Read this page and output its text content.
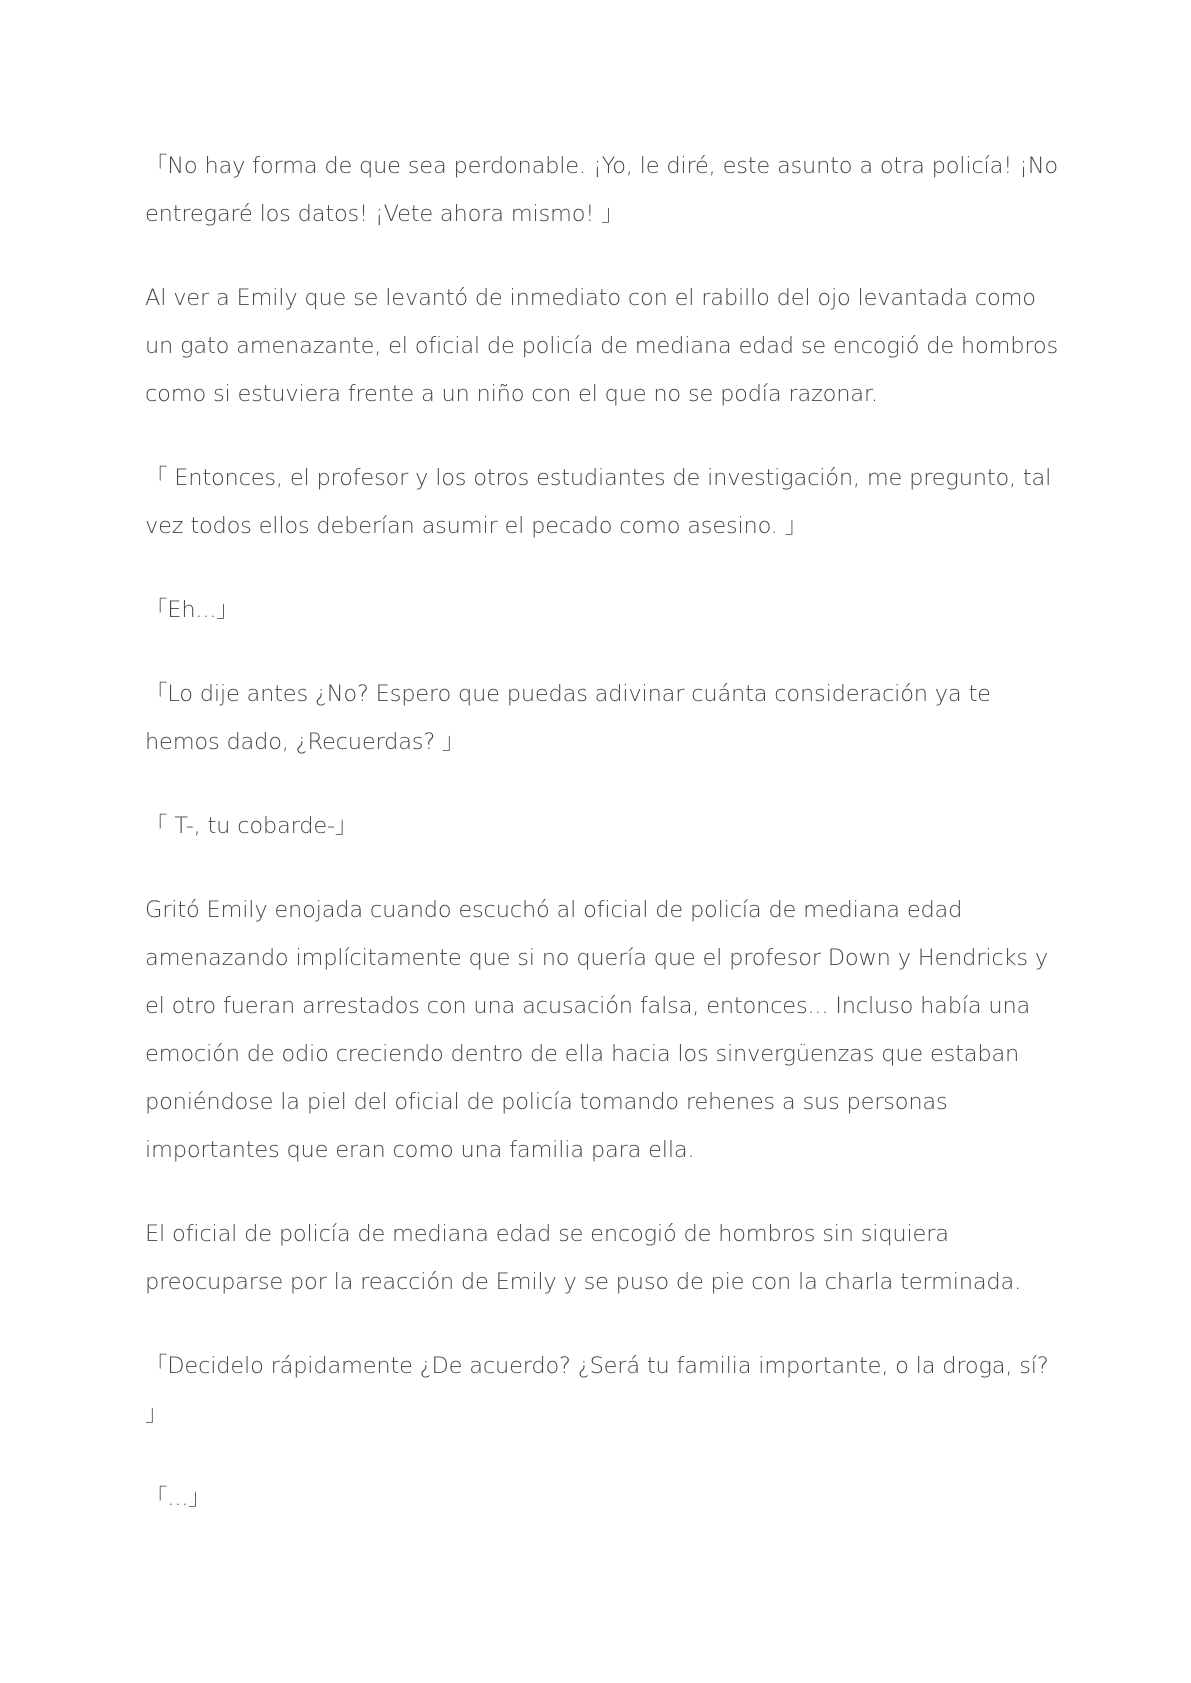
「No hay forma de que sea perdonable. ¡Yo, le diré, este asunto a otra policía! ¡No entregaré los datos! ¡Vete ahora mismo! 」

Al ver a Emily que se levantó de inmediato con el rabillo del ojo levantada como un gato amenazante, el oficial de policía de mediana edad se encogió de hombros como si estuviera frente a un niño con el que no se podía razonar.

「 Entonces, el profesor y los otros estudiantes de investigación, me pregunto, tal vez todos ellos deberían asumir el pecado como asesino. 」

「Eh...」

「Lo dije antes ¿No? Espero que puedas adivinar cuánta consideración ya te hemos dado, ¿Recuerdas? 」

「 T-, tu cobarde-」

Gritó Emily enojada cuando escuchó al oficial de policía de mediana edad amenazando implícitamente que si no quería que el profesor Down y Hendricks y el otro fueran arrestados con una acusación falsa, entonces... Incluso había una emoción de odio creciendo dentro de ella hacia los sinvergüenzas que estaban poniéndose la piel del oficial de policía tomando rehenes a sus personas importantes que eran como una familia para ella.

El oficial de policía de mediana edad se encogió de hombros sin siquiera preocuparse por la reacción de Emily y se puso de pie con la charla terminada.

「Decidelo rápidamente ¿De acuerdo? ¿Será tu familia importante, o la droga, sí? 」

「...」
